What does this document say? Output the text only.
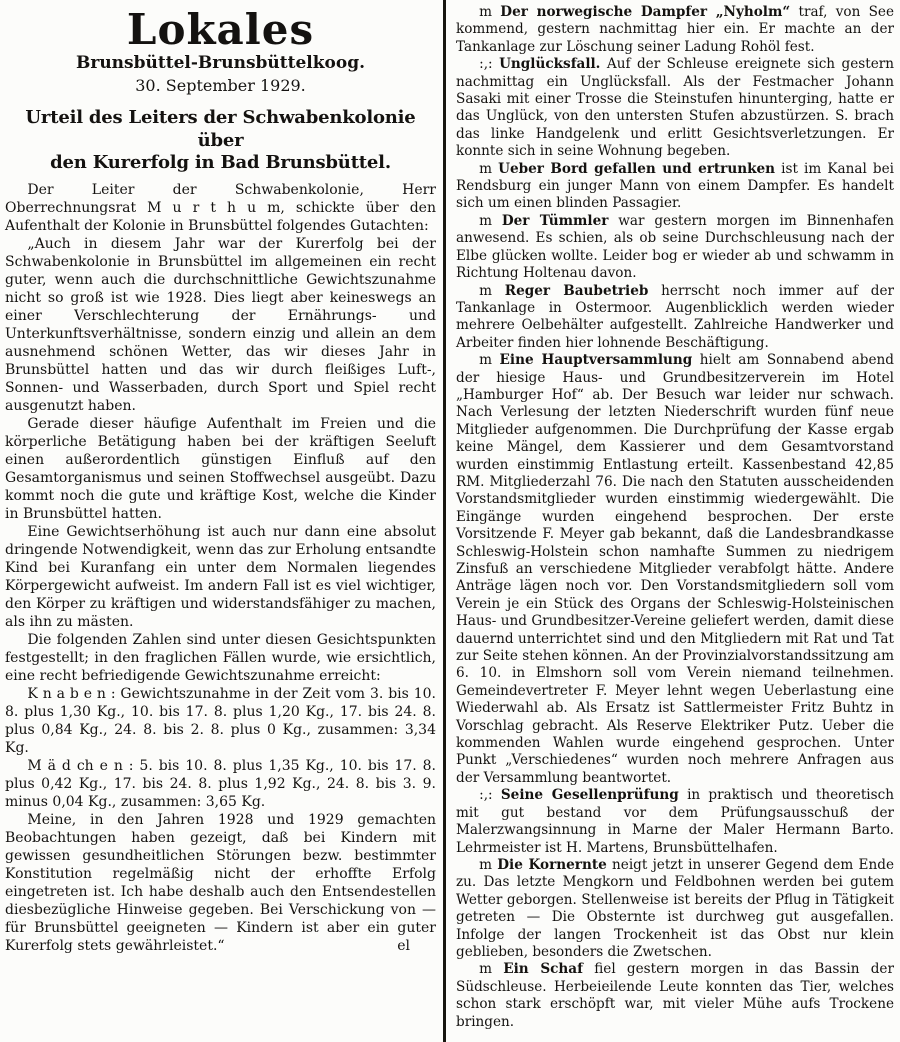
Lokales
Brunsbüttel-Brunsbüttelkoog.
30. September 1929.
Urteil des Leiters der Schwabenkolonie über
den Kurerfolg in Bad Brunsbüttel.

Der Leiter der Schwabenkolonie, Herr Oberrechnungsrat M u r t h u m, schickte über den Aufenthalt der Kolonie in Brunsbüttel folgendes Gutachten:

„Auch in diesem Jahr war der Kurerfolg bei der Schwabenkolonie in Brunsbüttel im allgemeinen ein recht guter, wenn auch die durchschnittliche Gewichtszunahme nicht so groß ist wie 1928. Dies liegt aber keineswegs an einer Verschlechterung der Ernährungs- und Unterkunftsverhältnisse, sondern einzig und allein an dem ausnehmend schönen Wetter, das wir dieses Jahr in Brunsbüttel hatten und das wir durch fleißiges Luft-, Sonnen- und Wasserbaden, durch Sport und Spiel recht ausgenutzt haben.

Gerade dieser häufige Aufenthalt im Freien und die körperliche Betätigung haben bei der kräftigen Seeluft einen außerordentlich günstigen Einfluß auf den Gesamtorganismus und seinen Stoffwechsel ausgeübt. Dazu kommt noch die gute und kräftige Kost, welche die Kinder in Brunsbüttel hatten.

Eine Gewichtserhöhung ist auch nur dann eine absolut dringende Notwendigkeit, wenn das zur Erholung entsandte Kind bei Kuranfang ein unter dem Normalen liegendes Körpergewicht aufweist. Im andern Fall ist es viel wichtiger, den Körper zu kräftigen und widerstandsfähiger zu machen, als ihn zu mästen.

Die folgenden Zahlen sind unter diesen Gesichtspunkten festgestellt; in den fraglichen Fällen wurde, wie ersichtlich, eine recht befriedigende Gewichtszunahme erreicht:

K n a b e n : Gewichtszunahme in der Zeit vom 3. bis 10. 8. plus 1,30 Kg., 10. bis 17. 8. plus 1,20 Kg., 17. bis 24. 8. plus 0,84 Kg., 24. 8. bis 2. 8. plus 0 Kg., zusammen: 3,34 Kg.

M ä d ch e n : 5. bis 10. 8. plus 1,35 Kg., 10. bis 17. 8. plus 0,42 Kg., 17. bis 24. 8. plus 1,92 Kg., 24. 8. bis 3. 9. minus 0,04 Kg., zusammen: 3,65 Kg.

Meine, in den Jahren 1928 und 1929 gemachten Beobachtungen haben gezeigt, daß bei Kindern mit gewissen gesundheitlichen Störungen bezw. bestimmter Konstitution regelmäßig nicht der erhoffte Erfolg eingetreten ist. Ich habe deshalb auch den Entsendestellen diesbezügliche Hinweise gegeben. Bei Verschickung von — für Brunsbüttel geeigneten — Kindern ist aber ein guter Kurerfolg stets gewährleistet.“	el

m Der norwegische Dampfer „Nyholm“ traf, von See kommend, gestern nachmittag hier ein. Er machte an der Tankanlage zur Löschung seiner Ladung Rohöl fest.

:,: Unglücksfall. Auf der Schleuse ereignete sich gestern nachmittag ein Unglücksfall. Als der Festmacher Johann Sasaki mit einer Trosse die Steinstufen hinunterging, hatte er das Unglück, von den untersten Stufen abzustürzen. S. brach das linke Handgelenk und erlitt Gesichtsverletzungen. Er konnte sich in seine Wohnung begeben.

m Ueber Bord gefallen und ertrunken ist im Kanal bei Rendsburg ein junger Mann von einem Dampfer. Es handelt sich um einen blinden Passagier.

m Der Tümmler war gestern morgen im Binnenhafen anwesend. Es schien, als ob seine Durchschleusung nach der Elbe glücken wollte. Leider bog er wieder ab und schwamm in Richtung Holtenau davon.

m Reger Baubetrieb herrscht noch immer auf der Tankanlage in Ostermoor. Augenblicklich werden wieder mehrere Oelbehälter aufgestellt. Zahlreiche Handwerker und Arbeiter finden hier lohnende Beschäftigung.

m Eine Hauptversammlung hielt am Sonnabend abend der hiesige Haus- und Grundbesitzerverein im Hotel „Hamburger Hof“ ab. Der Besuch war leider nur schwach. Nach Verlesung der letzten Niederschrift wurden fünf neue Mitglieder aufgenommen. Die Durchprüfung der Kasse ergab keine Mängel, dem Kassierer und dem Gesamtvorstand wurden einstimmig Entlastung erteilt. Kassenbestand 42,85 RM. Mitgliederzahl 76. Die nach den Statuten ausscheidenden Vorstandsmitglieder wurden einstimmig wiedergewählt. Die Eingänge wurden eingehend besprochen. Der erste Vorsitzende F. Meyer gab bekannt, daß die Landesbrandkasse Schleswig-Holstein schon namhafte Summen zu niedrigem Zinsfuß an verschiedene Mitglieder verabfolgt hätte. Andere Anträge lägen noch vor. Den Vorstandsmitgliedern soll vom Verein je ein Stück des Organs der Schleswig-Holsteinischen Haus- und Grundbesitzer-Vereine geliefert werden, damit diese dauernd unterrichtet sind und den Mitgliedern mit Rat und Tat zur Seite stehen können. An der Provinzialvorstandssitzung am 6. 10. in Elmshorn soll vom Verein niemand teilnehmen. Gemeindevertreter F. Meyer lehnt wegen Ueberlastung eine Wiederwahl ab. Als Ersatz ist Sattlermeister Fritz Buhtz in Vorschlag gebracht. Als Reserve Elektriker Putz. Ueber die kommenden Wahlen wurde eingehend gesprochen. Unter Punkt „Verschiedenes“ wurden noch mehrere Anfragen aus der Versammlung beantwortet.

:,: Seine Gesellenprüfung in praktisch und theoretisch mit gut bestand vor dem Prüfungsausschuß der Malerzwangsinnung in Marne der Maler Hermann Barto. Lehrmeister ist H. Martens, Brunsbüttelhafen.

m Die Kornernte neigt jetzt in unserer Gegend dem Ende zu. Das letzte Mengkorn und Feldbohnen werden bei gutem Wetter geborgen. Stellenweise ist bereits der Pflug in Tätigkeit getreten — Die Obsternte ist durchweg gut ausgefallen. Infolge der langen Trockenheit ist das Obst nur klein geblieben, besonders die Zwetschen.

m Ein Schaf fiel gestern morgen in das Bassin der Südschleuse. Herbeieilende Leute konnten das Tier, welches schon stark erschöpft war, mit vieler Mühe aufs Trockene bringen.
